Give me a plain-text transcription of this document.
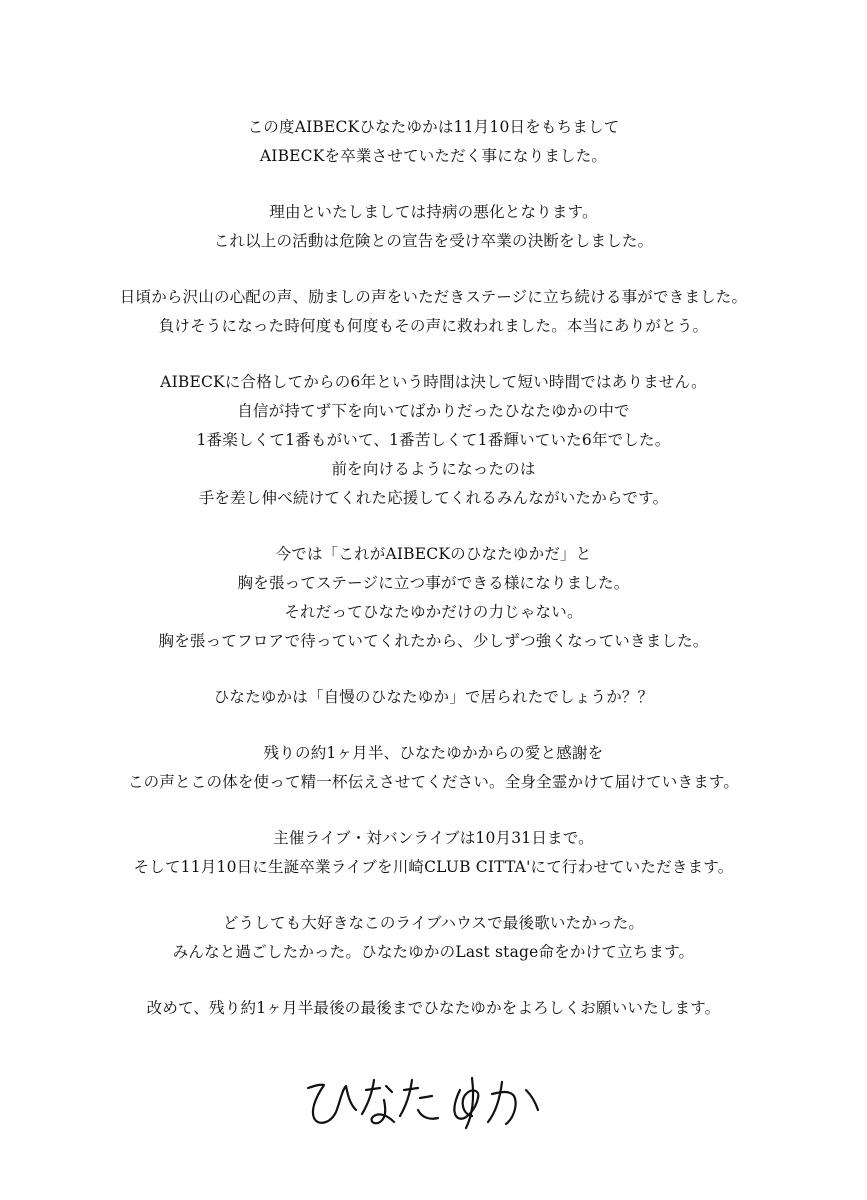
この度AIBECKひなたゆかは11月10日をもちまして
AIBECKを卒業させていただく事になりました。
理由といたしましては持病の悪化となります。
これ以上の活動は危険との宣告を受け卒業の決断をしました。
日頃から沢山の心配の声、励ましの声をいただきステージに立ち続ける事ができました。
負けそうになった時何度も何度もその声に救われました。本当にありがとう。
AIBECKに合格してからの6年という時間は決して短い時間ではありません。
自信が持てず下を向いてばかりだったひなたゆかの中で
1番楽しくて1番もがいて、1番苦しくて1番輝いていた6年でした。
前を向けるようになったのは
手を差し伸べ続けてくれた応援してくれるみんながいたからです。
今では「これがAIBECKのひなたゆかだ」と
胸を張ってステージに立つ事ができる様になりました。
それだってひなたゆかだけの力じゃない。
胸を張ってフロアで待っていてくれたから、少しずつ強くなっていきました。
ひなたゆかは「自慢のひなたゆか」で居られたでしょうか？？
残りの約1ヶ月半、ひなたゆかからの愛と感謝を
この声とこの体を使って精一杯伝えさせてください。全身全霊かけて届けていきます。
主催ライブ・対バンライブは10月31日まで。
そして11月10日に生誕卒業ライブを川崎CLUB CITTA'にて行わせていただきます。
どうしても大好きなこのライブハウスで最後歌いたかった。
みんなと過ごしたかった。ひなたゆかのLast stage命をかけて立ちます。
改めて、残り約1ヶ月半最後の最後までひなたゆかをよろしくお願いいたします。
